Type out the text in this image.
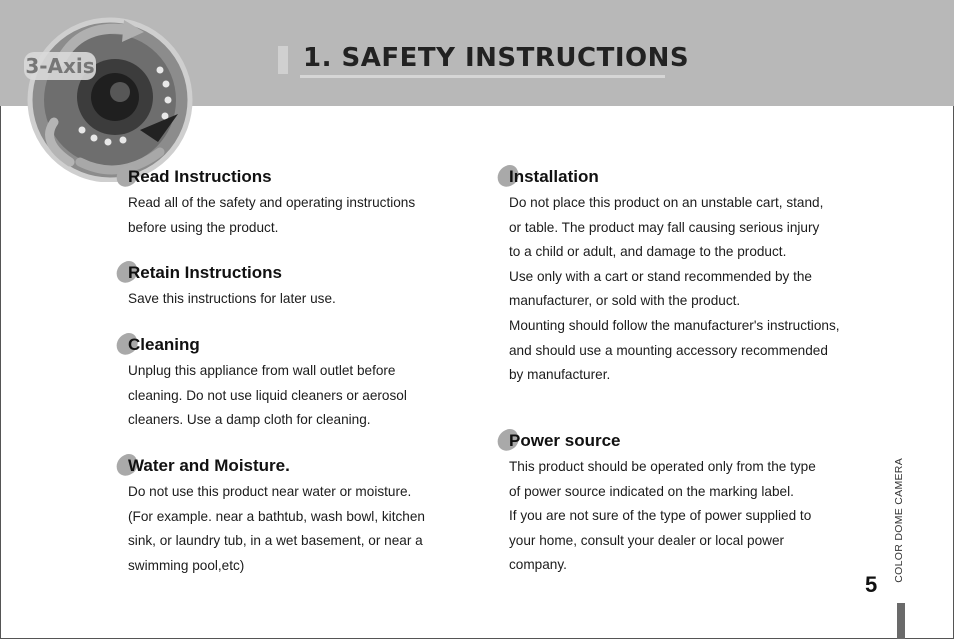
1. SAFETY INSTRUCTIONS
3-Axis
Read Instructions
Read all of the safety and operating instructions
before using the product.
Retain Instructions
Save this instructions for later use.
Cleaning
Unplug this appliance from wall outlet before
cleaning. Do not use liquid cleaners or aerosol
cleaners. Use a damp cloth for cleaning.
Water and Moisture.
Do not use this product near water or moisture.
(For example. near a bathtub, wash bowl, kitchen
sink, or laundry tub, in a wet basement, or near a
swimming pool,etc)
Installation
Do not place this product on an unstable cart, stand,
or table. The product may fall causing serious injury
to a child or adult, and damage to the product.
Use only with a cart or stand recommended by the
manufacturer, or sold with the product.
Mounting should follow the manufacturer's instructions,
and should use a mounting accessory recommended
by manufacturer.
Power source
This product should be operated only from the type
of power source indicated on the marking label.
If you are not sure of the type of power supplied to
your home, consult your dealer or local power
company.	COLOR DOME CAMERA
5
